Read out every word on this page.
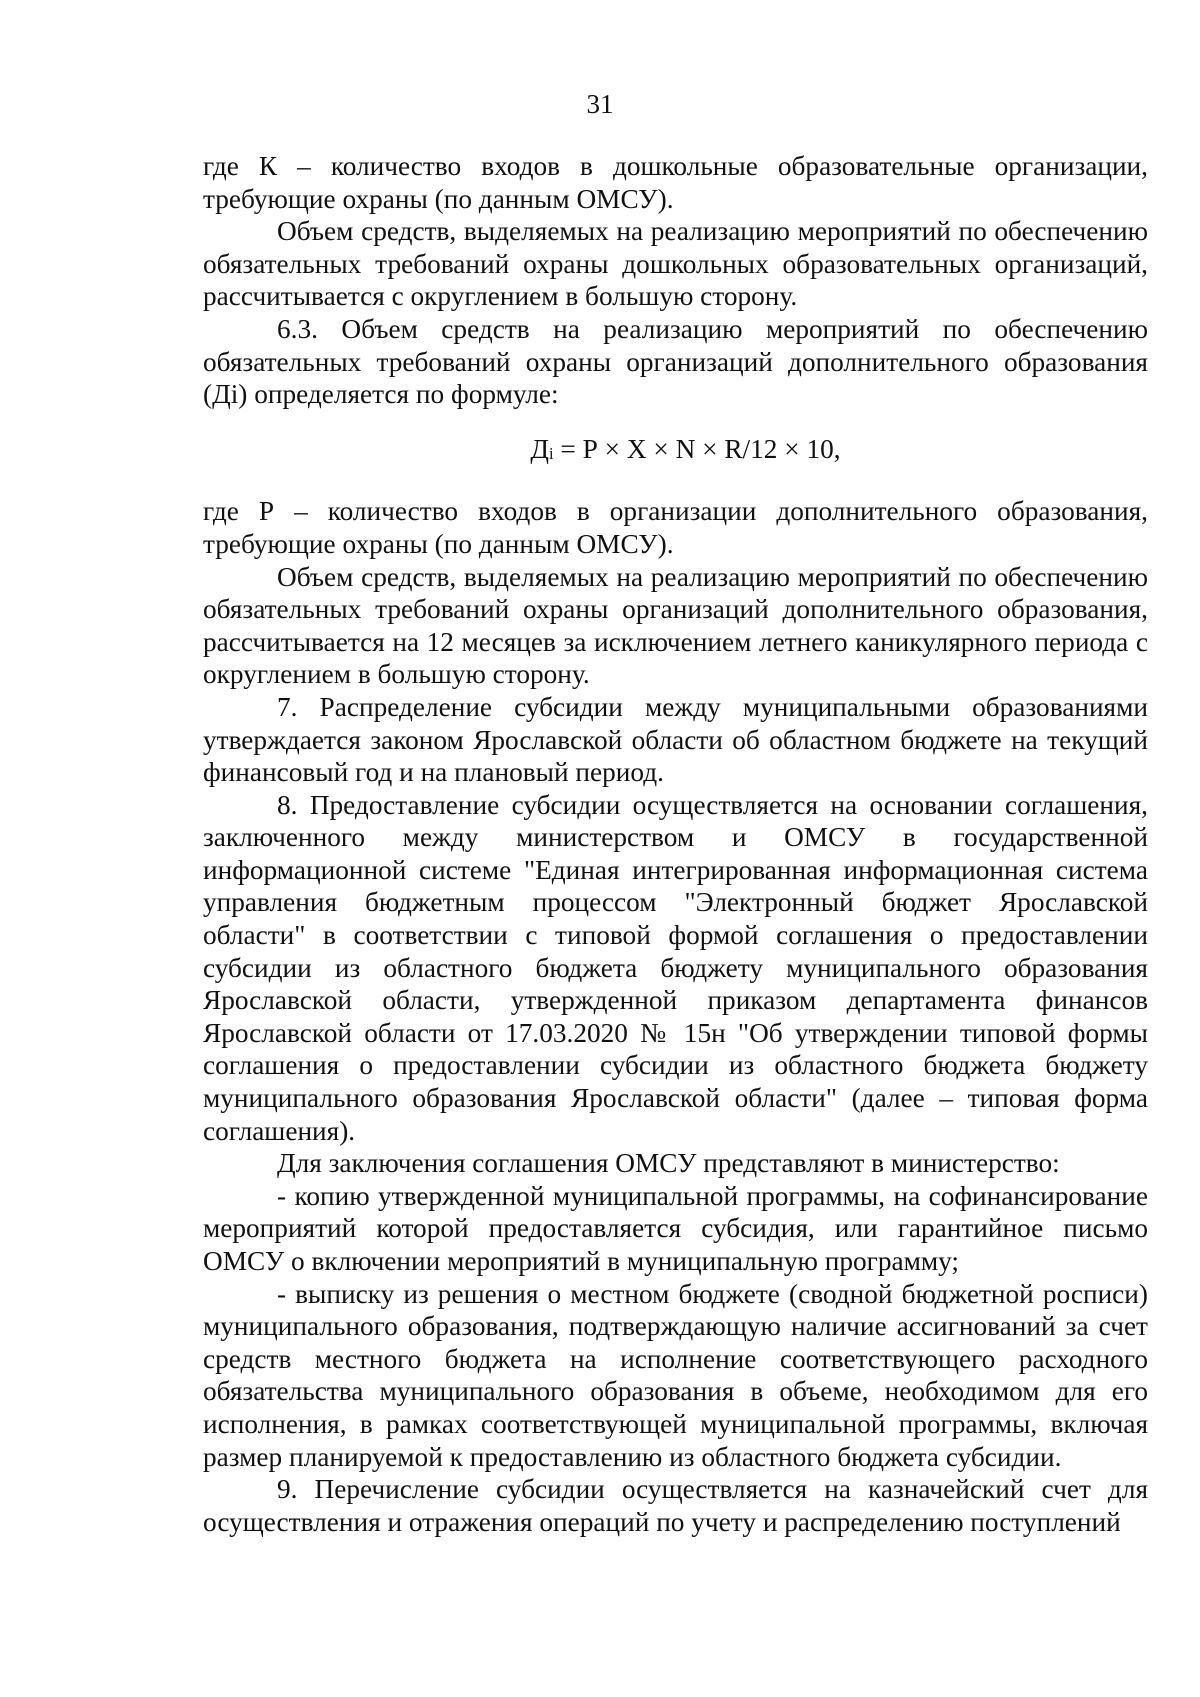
31

где К – количество входов в дошкольные образовательные организации, требующие охраны (по данным ОМСУ).

Объем средств, выделяемых на реализацию мероприятий по обеспечению обязательных требований охраны дошкольных образовательных организаций, рассчитывается с округлением в большую сторону.

6.3. Объем средств на реализацию мероприятий по обеспечению обязательных требований охраны организаций дополнительного образования (Дi) определяется по формуле:

$Д_i = Р \times Х \times N \times R/12 \times 10$,

где Р – количество входов в организации дополнительного образования, требующие охраны (по данным ОМСУ).

Объем средств, выделяемых на реализацию мероприятий по обеспечению обязательных требований охраны организаций дополнительного образования, рассчитывается на 12 месяцев за исключением летнего каникулярного периода с округлением в большую сторону.

7. Распределение субсидии между муниципальными образованиями утверждается законом Ярославской области об областном бюджете на текущий финансовый год и на плановый период.

8. Предоставление субсидии осуществляется на основании соглашения, заключенного между министерством и ОМСУ в государственной информационной системе "Единая интегрированная информационная система управления бюджетным процессом "Электронный бюджет Ярославской области" в соответствии с типовой формой соглашения о предоставлении субсидии из областного бюджета бюджету муниципального образования Ярославской области, утвержденной приказом департамента финансов Ярославской области от 17.03.2020 № 15н "Об утверждении типовой формы соглашения о предоставлении субсидии из областного бюджета бюджету муниципального образования Ярославской области" (далее – типовая форма соглашения).

Для заключения соглашения ОМСУ представляют в министерство:

- копию утвержденной муниципальной программы, на софинансирование мероприятий которой предоставляется субсидия, или гарантийное письмо ОМСУ о включении мероприятий в муниципальную программу;

- выписку из решения о местном бюджете (сводной бюджетной росписи) муниципального образования, подтверждающую наличие ассигнований за счет средств местного бюджета на исполнение соответствующего расходного обязательства муниципального образования в объеме, необходимом для его исполнения, в рамках соответствующей муниципальной программы, включая размер планируемой к предоставлению из областного бюджета субсидии.

9. Перечисление субсидии осуществляется на казначейский счет для осуществления и отражения операций по учету и распределению поступлений
